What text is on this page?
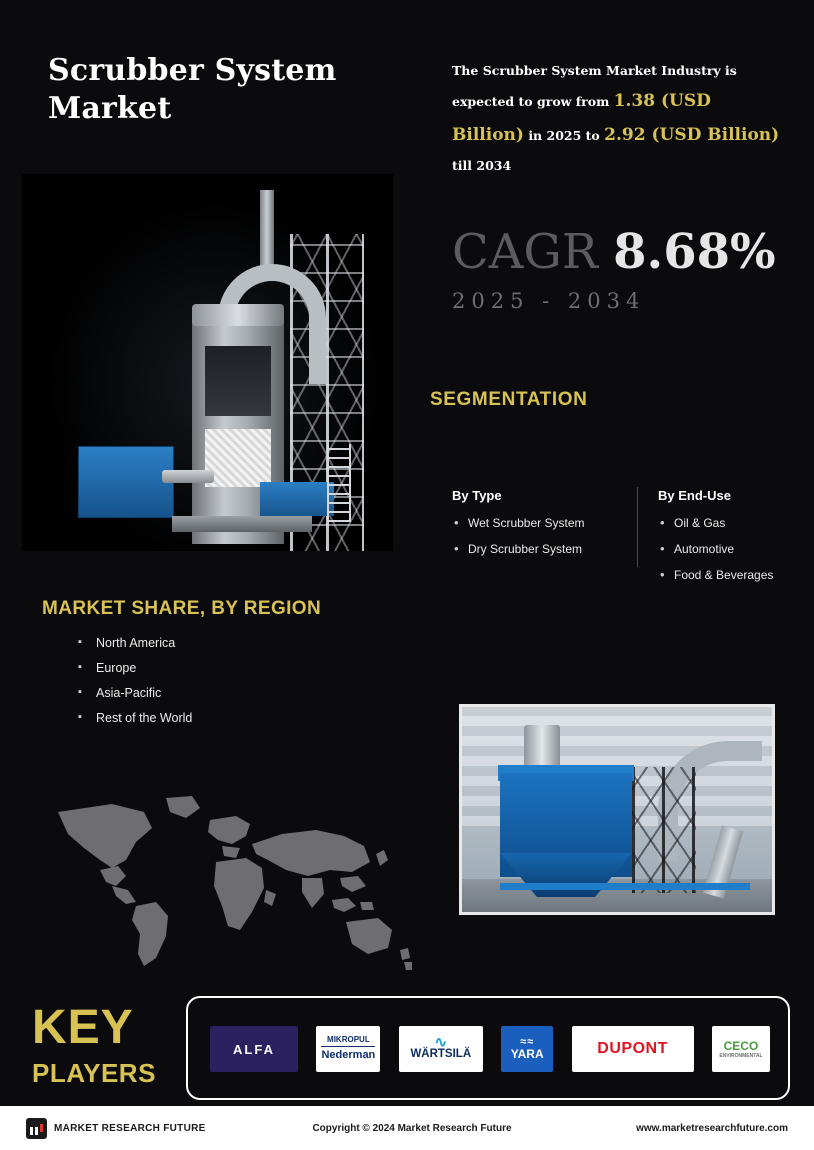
Scrubber System Market
The Scrubber System Market Industry is expected to grow from 1.38 (USD Billion) in 2025 to 2.92 (USD Billion) till 2034
CAGR 8.68%
2025 - 2034
SEGMENTATION
By Type
• Wet Scrubber System
• Dry Scrubber System
By End-Use
• Oil & Gas
• Automotive
• Food & Beverages
MARKET SHARE, BY REGION
▪ North America
▪ Europe
▪ Asia-Pacific
▪ Rest of the World
KEY
PLAYERS
ALFA
MIKROPUL
Nederman
∿
WÄRTSILÄ
≈≈
YARA	DUPONT	CECO
ENVIRONMENTAL
MARKET RESEARCH FUTURE	Copyright © 2024 Market Research Future	www.marketresearchfuture.com
